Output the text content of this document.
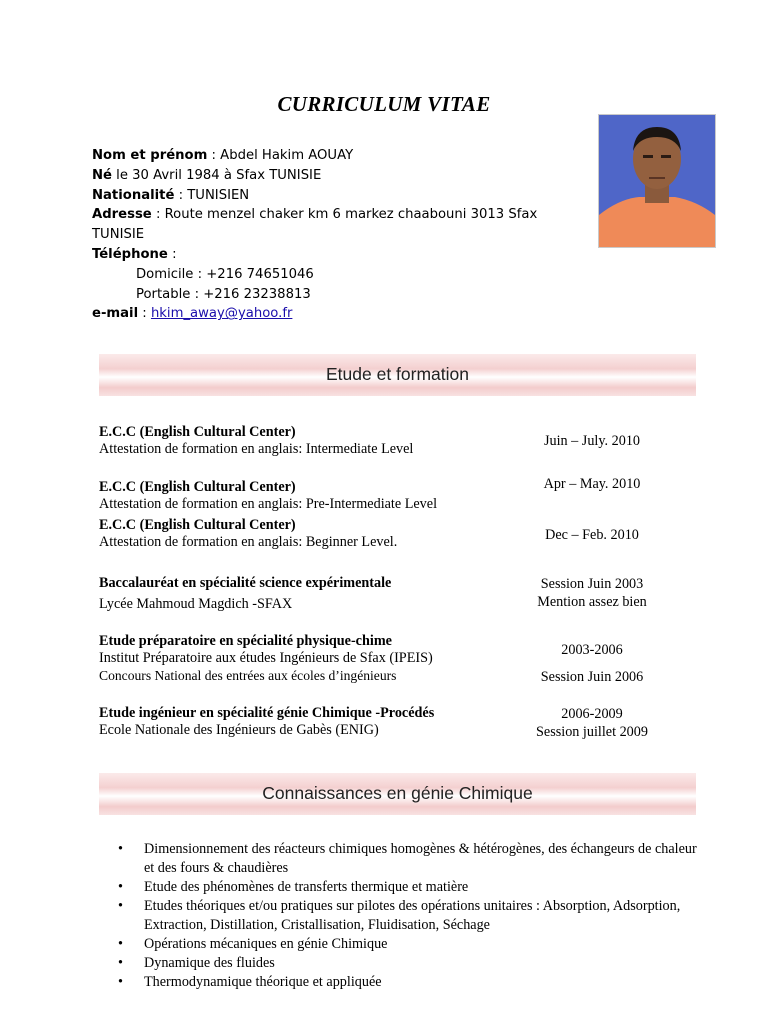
CURRICULUM VITAE
Nom et prénom : Abdel Hakim AOUAY
Né le 30 Avril 1984 à Sfax TUNISIE
Nationalité : TUNISIEN
Adresse : Route menzel chaker km 6 markez chaabouni 3013 Sfax
TUNISIE
Téléphone :
Domicile : +216 74651046
Portable : +216 23238813
e-mail : hkim_away@yahoo.fr
Etude et formation
E.C.C (English Cultural Center)
Attestation de formation en anglais: Intermediate Level	Juin – July. 2010
E.C.C (English Cultural Center)
Attestation de formation en anglais: Pre-Intermediate Level
Apr – May. 2010
E.C.C (English Cultural Center)
Attestation de formation en anglais: Beginner Level.	Dec – Feb. 2010
Baccalauréat en spécialité science expérimentale
Lycée Mahmoud Magdich -SFAX
Session Juin 2003
Mention assez bien
Etude préparatoire en spécialité physique-chime
Institut Préparatoire aux études Ingénieurs de Sfax (IPEIS)
Concours National des entrées aux écoles d’ingénieurs
2003-2006
Session Juin 2006
Etude ingénieur en spécialité génie Chimique -Procédés
Ecole Nationale des Ingénieurs de Gabès (ENIG)
2006-2009
Session juillet 2009
Connaissances en génie Chimique
• Dimensionnement des réacteurs chimiques homogènes & hétérogènes, des échangeurs de chaleur et des fours & chaudières
• Etude des phénomènes de transferts thermique et matière
• Etudes théoriques et/ou pratiques sur pilotes des opérations unitaires : Absorption, Adsorption, Extraction, Distillation, Cristallisation, Fluidisation, Séchage
• Opérations mécaniques en génie Chimique
• Dynamique des fluides
• Thermodynamique théorique et appliquée
